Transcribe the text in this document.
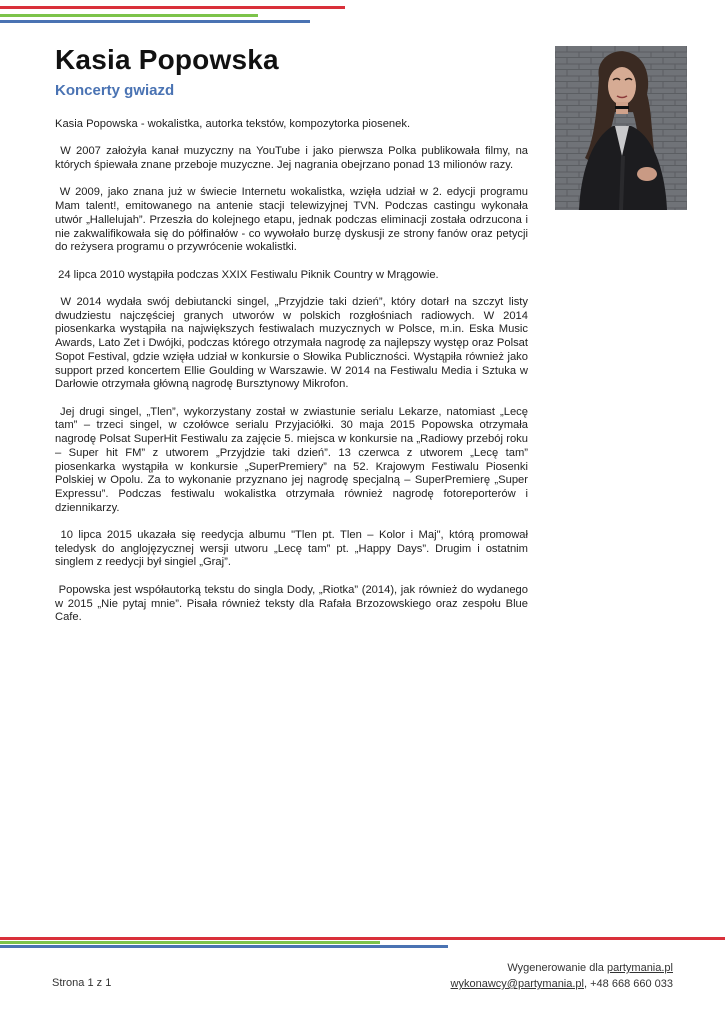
Kasia Popowska
Koncerty gwiazd

Kasia Popowska - wokalistka, autorka tekstów, kompozytorka piosenek.

W 2007 założyła kanał muzyczny na YouTube i jako pierwsza Polka publikowała filmy, na których śpiewała znane przeboje muzyczne. Jej nagrania obejrzano ponad 13 milionów razy.

W 2009, jako znana już w świecie Internetu wokalistka, wzięła udział w 2. edycji programu Mam talent!, emitowanego na antenie stacji telewizyjnej TVN. Podczas castingu wykonała utwór „Hallelujah”. Przeszła do kolejnego etapu, jednak podczas eliminacji została odrzucona i nie zakwalifikowała się do półfinałów - co wywołało burzę dyskusji ze strony fanów oraz petycji do reżysera programu o przywrócenie wokalistki.

24 lipca 2010 wystąpiła podczas XXIX Festiwalu Piknik Country w Mrągowie.

W 2014 wydała swój debiutancki singel, „Przyjdzie taki dzień”, który dotarł na szczyt listy dwudziestu najczęściej granych utworów w polskich rozgłośniach radiowych. W 2014 piosenkarka wystąpiła na największych festiwalach muzycznych w Polsce, m.in. Eska Music Awards, Lato Zet i Dwójki, podczas którego otrzymała nagrodę za najlepszy występ oraz Polsat Sopot Festival, gdzie wzięła udział w konkursie o Słowika Publiczności. Wystąpiła również jako support przed koncertem Ellie Goulding w Warszawie. W 2014 na Festiwalu Media i Sztuka w Darłowie otrzymała główną nagrodę Bursztynowy Mikrofon.

Jej drugi singel, „Tlen”, wykorzystany został w zwiastunie serialu Lekarze, natomiast „Lecę tam” – trzeci singel, w czołówce serialu Przyjaciółki. 30 maja 2015 Popowska otrzymała nagrodę Polsat SuperHit Festiwalu za zajęcie 5. miejsca w konkursie na „Radiowy przebój roku – Super hit FM” z utworem „Przyjdzie taki dzień”. 13 czerwca z utworem „Lecę tam” piosenkarka wystąpiła w konkursie „SuperPremiery” na 52. Krajowym Festiwalu Piosenki Polskiej w Opolu. Za to wykonanie przyznano jej nagrodę specjalną – SuperPremierę „Super Expressu”. Podczas festiwalu wokalistka otrzymała również nagrodę fotoreporterów i dziennikarzy.

10 lipca 2015 ukazała się reedycja albumu "Tlen pt. Tlen – Kolor i Maj", którą promował teledysk do anglojęzycznej wersji utworu „Lecę tam” pt. „Happy Days”. Drugim i ostatnim singlem z reedycji był singiel „Graj”.

Popowska jest współautorką tekstu do singla Dody, „Riotka” (2014), jak również do wydanego w 2015 „Nie pytaj mnie”. Pisała również teksty dla Rafała Brzozowskiego oraz zespołu Blue Cafe.

Strona 1 z 1
Wygenerowanie dla partymania.pl
wykonawcy@partymania.pl, +48 668 660 033
